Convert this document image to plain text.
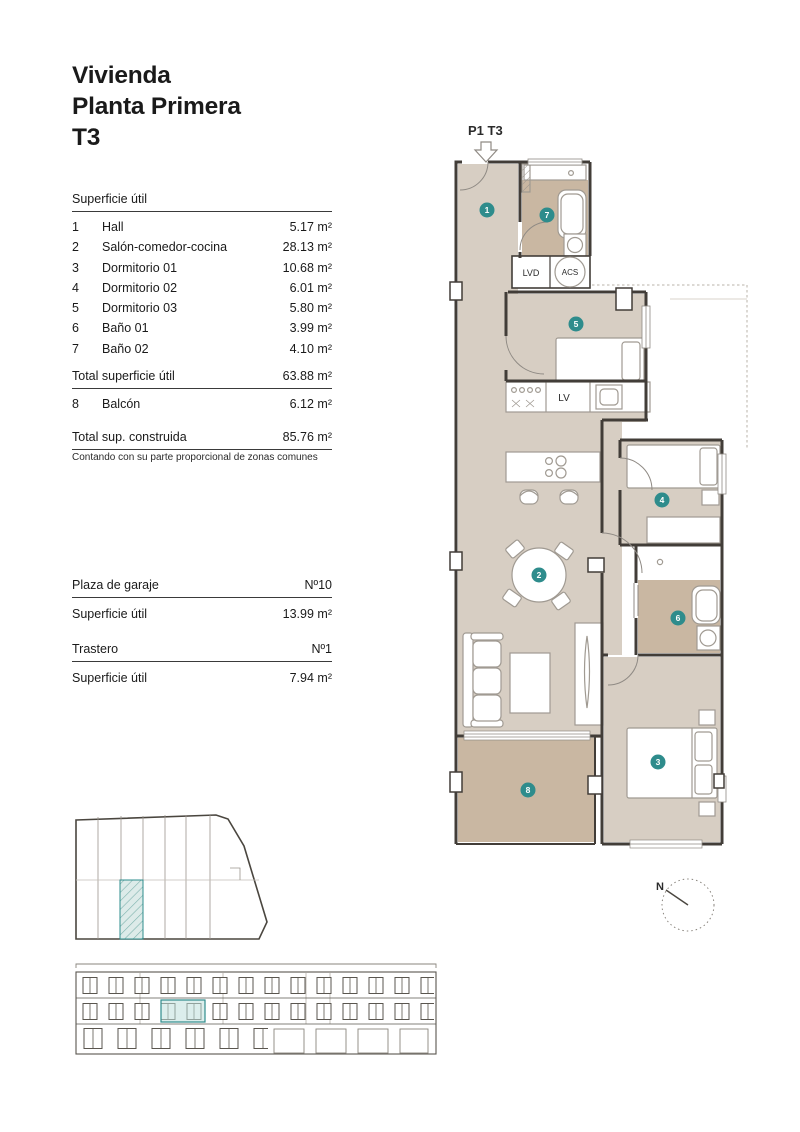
Vivienda
Planta Primera
T3
Superficie útil
1	Hall	5.17 m²
2	Salón-comedor-cocina	28.13 m²
3	Dormitorio 01	10.68 m²
4	Dormitorio 02	6.01 m²
5	Dormitorio 03	5.80 m²
6	Baño 01	3.99 m²
7	Baño 02	4.10 m²
Total superficie útil	63.88 m²
8	Balcón	6.12 m²
Total sup. construida	85.76 m²
Contando con su parte proporcional de zonas comunes
Plaza de garaje	Nº10
Superficie útil	13.99 m²
Trastero	Nº1
Superficie útil	7.94 m²
P1 T3
LVD	ACS
LV
1
2
3
4
5
6
7
8
N
